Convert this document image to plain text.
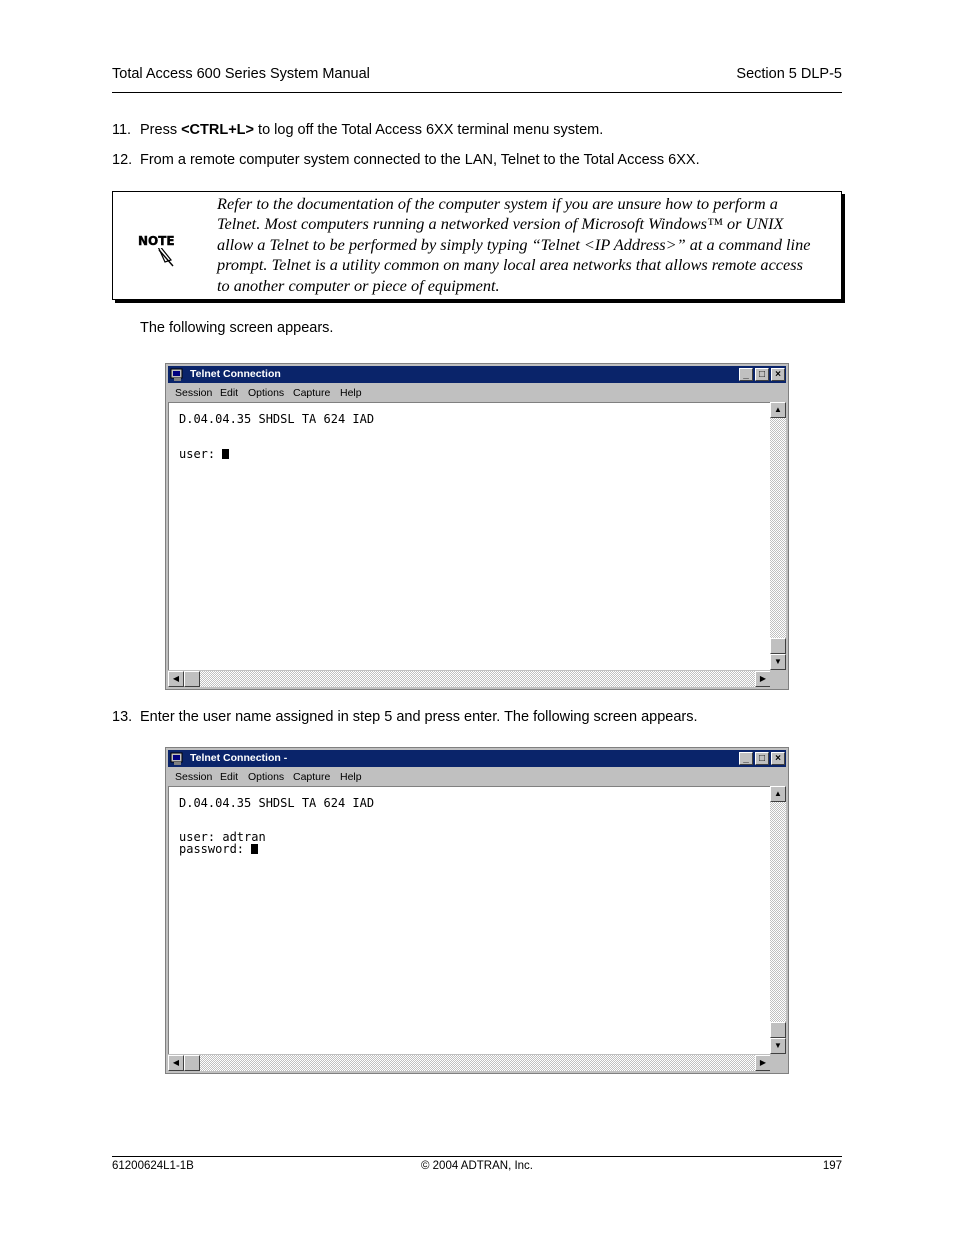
Total Access 600 Series System Manual	Section 5 DLP-5
11. Press <CTRL+L> to log off the Total Access 6XX terminal menu system.
12. From a remote computer system connected to the LAN, Telnet to the Total Access 6XX.
NOTE
Refer to the documentation of the computer system if you are unsure how to perform a
Telnet. Most computers running a networked version of Microsoft Windows™ or UNIX
allow a Telnet to be performed by simply typing “Telnet <IP Address>” at a command line
prompt. Telnet is a utility common on many local area networks that allows remote access
to another computer or piece of equipment.
The following screen appears.
Telnet Connection	_	□	×
Session Edit Options Capture Help
D.04.04.35 SHDSL TA 624 IAD
user:
▲
▼
◀	▶
13. Enter the user name assigned in step 5 and press enter. The following screen appears.
Telnet Connection -	_	□	×
Session Edit Options Capture Help
D.04.04.35 SHDSL TA 624 IAD
user: adtran
password:
▲
▼
◀	▶
61200624L1-1B	© 2004 ADTRAN, Inc.	197
